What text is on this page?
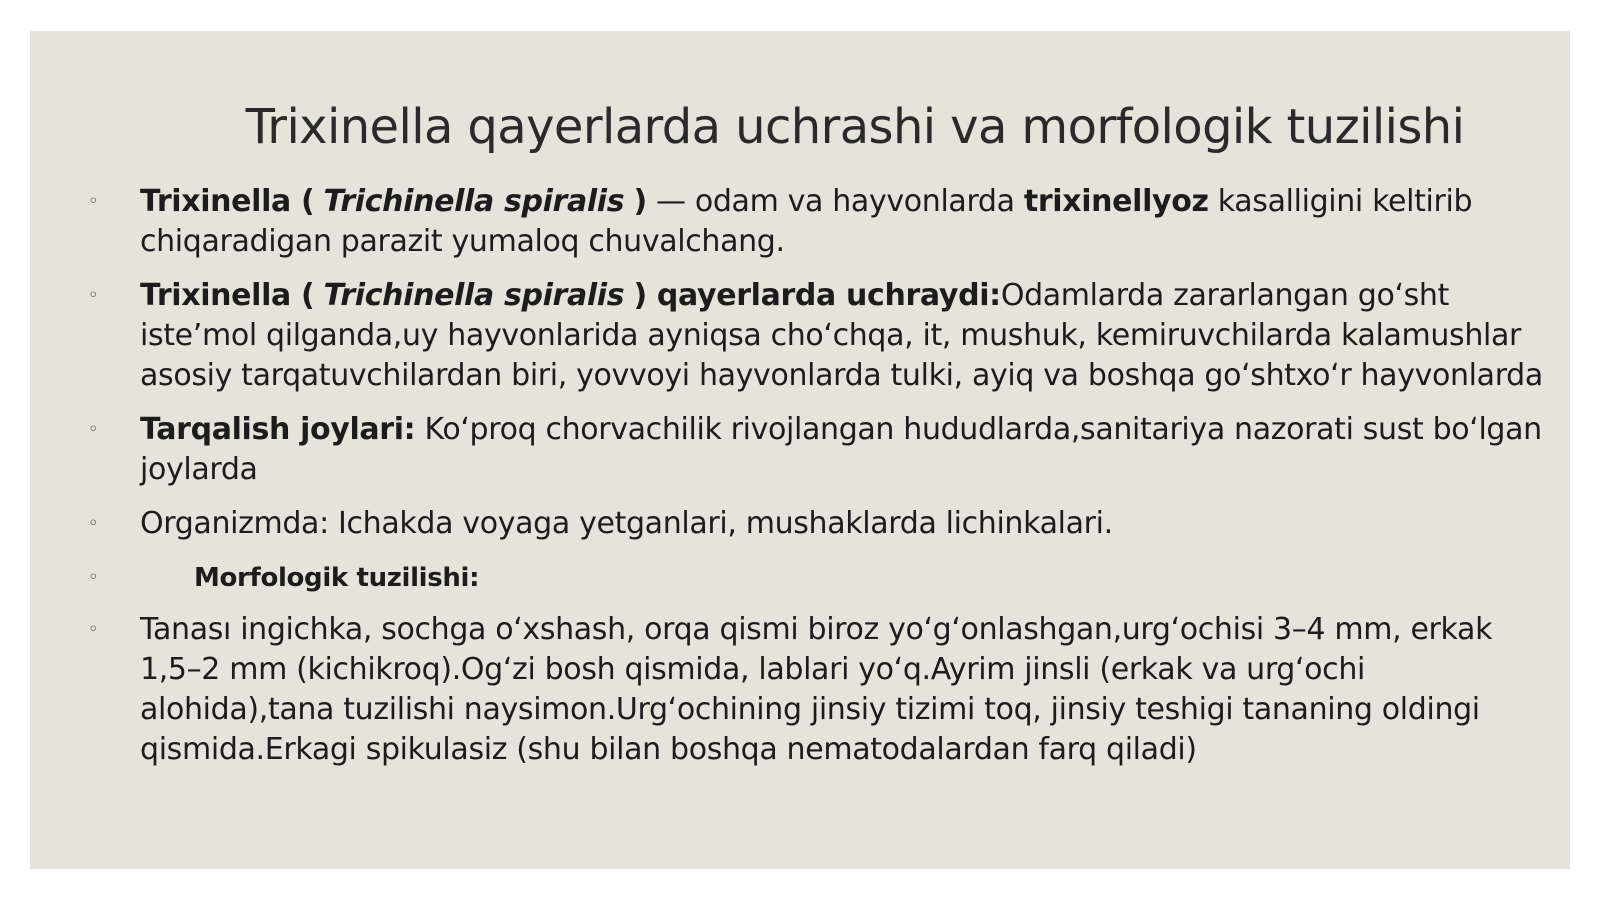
Trixinella qayerlarda uchrashi va morfologik tuzilishi
◦	Trixinella ( Trichinella spiralis ) — odam va hayvonlarda trixinellyoz kasalligini keltirib chiqaradigan parazit yumaloq chuvalchang.
◦	Trixinella ( Trichinella spiralis ) qayerlarda uchraydi:Odamlarda zararlangan go‘sht iste’mol qilganda,uy hayvonlarida ayniqsa cho‘chqa, it, mushuk, kemiruvchilarda kalamushlar asosiy tarqatuvchilardan biri, yovvoyi hayvonlarda tulki, ayiq va boshqa go‘shtxo‘r hayvonlarda
◦	Tarqalish joylari: Ko‘proq chorvachilik rivojlangan hududlarda,sanitariya nazorati sust bo‘lgan joylarda
◦	Organizmda: Ichakda voyaga yetganlari, mushaklarda lichinkalari.
◦	Morfologik tuzilishi:
◦	Tanası ingichka, sochga o‘xshash, orqa qismi biroz yo‘g‘onlashgan,urg‘ochisi 3–4 mm, erkak 1,5–2 mm (kichikroq).Og‘zi bosh qismida, lablari yo‘q.Ayrim jinsli (erkak va urg‘ochi alohida),tana tuzilishi naysimon.Urg‘ochining jinsiy tizimi toq, jinsiy teshigi tananing oldingi qismida.Erkagi spikulasiz (shu bilan boshqa nematodalardan farq qiladi)
